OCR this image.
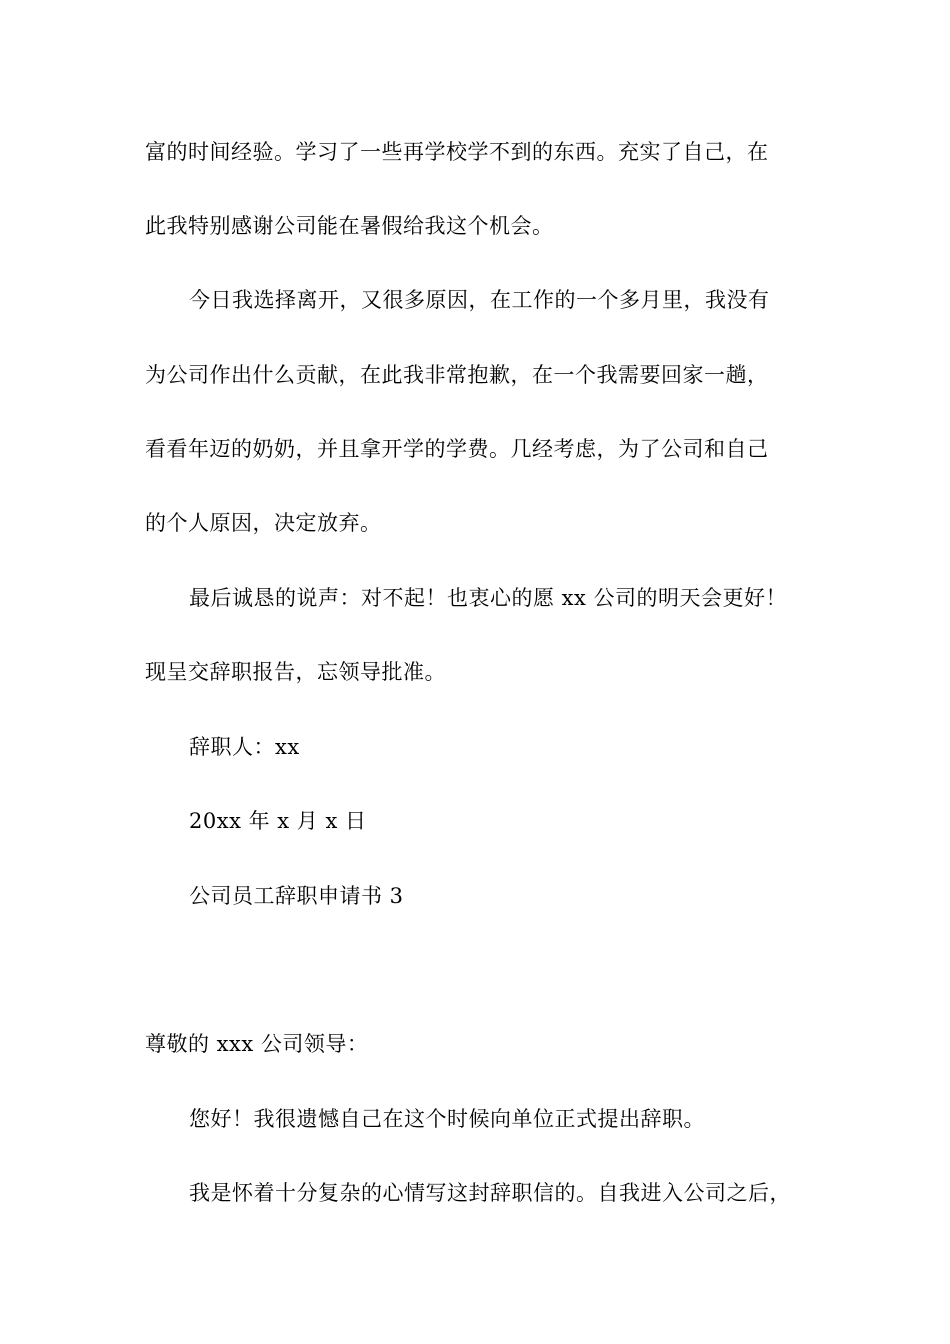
富的时间经验。学习了一些再学校学不到的东西。充实了自己，在
此我特别感谢公司能在暑假给我这个机会。
今日我选择离开，又很多原因，在工作的一个多月里，我没有
为公司作出什么贡献，在此我非常抱歉，在一个我需要回家一趟，
看看年迈的奶奶，并且拿开学的学费。几经考虑，为了公司和自己
的个人原因，决定放弃。
最后诚恳的说声：对不起！也衷心的愿 xx 公司的明天会更好！
现呈交辞职报告，忘领导批准。
辞职人：xx
20xx 年 x 月 x 日
公司员工辞职申请书 3
尊敬的 xxx 公司领导：
您好！我很遗憾自己在这个时候向单位正式提出辞职。
我是怀着十分复杂的心情写这封辞职信的。自我进入公司之后，
